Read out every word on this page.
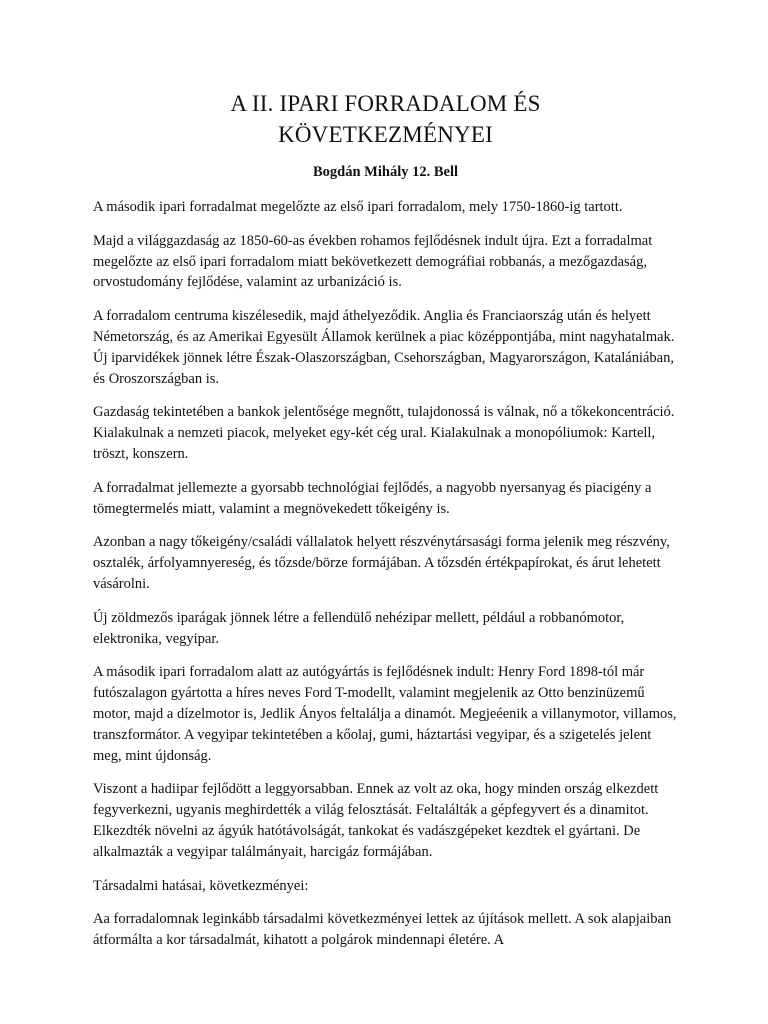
A II. IPARI FORRADALOM ÉS
KÖVETKEZMÉNYEI

Bogdán Mihály 12. Bell

A második ipari forradalmat megelőzte az első ipari forradalom, mely 1750-1860-ig tartott.

Majd a világgazdaság az 1850-60-as években rohamos fejlődésnek indult újra. Ezt a forradalmat megelőzte az első ipari forradalom miatt bekövetkezett demográfiai robbanás, a mezőgazdaság, orvostudomány fejlődése, valamint az urbanizáció is.

A forradalom centruma kiszélesedik, majd áthelyeződik. Anglia és Franciaország után és helyett Németország, és az Amerikai Egyesült Államok kerülnek a piac középpontjába, mint nagyhatalmak. Új iparvidékek jönnek létre Észak-Olaszországban, Csehországban, Magyarországon, Katalániában, és Oroszországban is.

Gazdaság tekintetében a bankok jelentősége megnőtt, tulajdonossá is válnak, nő a tőkekoncentráció. Kialakulnak a nemzeti piacok, melyeket egy-két cég ural. Kialakulnak a monopóliumok: Kartell, tröszt, konszern.

A forradalmat jellemezte a gyorsabb technológiai fejlődés, a nagyobb nyersanyag és piacigény a tömegtermelés miatt, valamint a megnövekedett tőkeigény is.

Azonban a nagy tőkeigény/családi vállalatok helyett részvénytársasági forma jelenik meg részvény, osztalék, árfolyamnyereség, és tőzsde/börze formájában. A tőzsdén értékpapírokat, és árut lehetett vásárolni.

Új zöldmezős iparágak jönnek létre a fellendülő nehézipar mellett, például a robbanómotor, elektronika, vegyipar.

A második ipari forradalom alatt az autógyártás is fejlődésnek indult: Henry Ford 1898-tól már futószalagon gyártotta a híres neves Ford T-modellt, valamint megjelenik az Otto benzinüzemű motor, majd a dízelmotor is, Jedlik Ányos feltalálja a dinamót. Megjeéenik a villanymotor, villamos, transzformátor. A vegyipar tekintetében a kőolaj, gumi, háztartási vegyipar, és a szigetelés jelent meg, mint újdonság.

Viszont a hadiipar fejlődött a leggyorsabban. Ennek az volt az oka, hogy minden ország elkezdett fegyverkezni, ugyanis meghirdették a világ felosztását. Feltalálták a gépfegyvert és a dinamitot. Elkezdték növelni az ágyúk hatótávolságát, tankokat és vadászgépeket kezdtek el gyártani. De alkalmazták a vegyipar találmányait, harcigáz formájában.

Társadalmi hatásai, következményei:

Aa forradalomnak leginkább társadalmi következményei lettek az újítások mellett. A sok alapjaiban átformálta a kor társadalmát, kihatott a polgárok mindennapi életére. A
